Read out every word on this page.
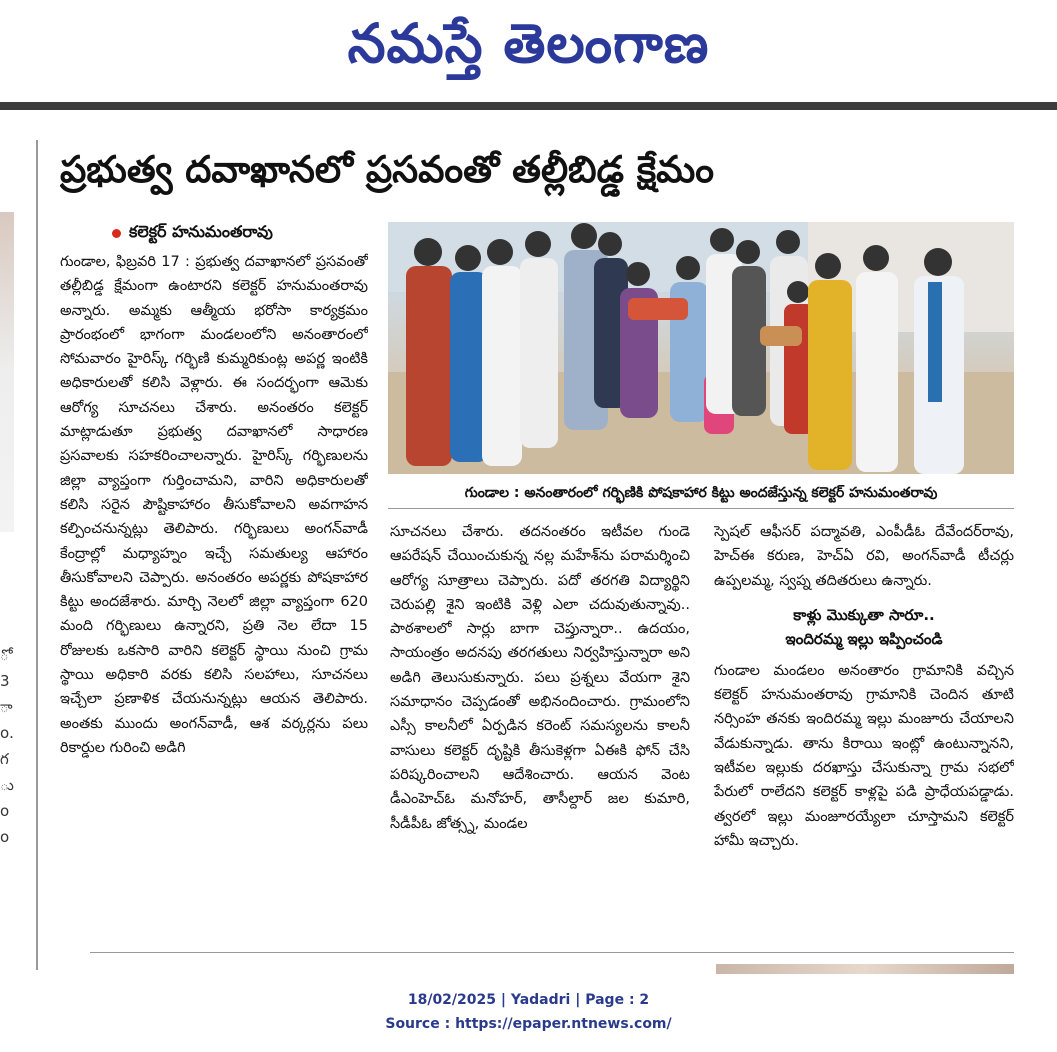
నమస్తే తెలంగాణ
ో
3
ా
о.
గ
ు
о
о
ప్రభుత్వ దవాఖానలో ప్రసవంతో తల్లీబిడ్డ క్షేమం
కలెక్టర్ హనుమంతరావు
గుండాల, ఫిబ్రవరి 17 : ప్రభుత్వ దవాఖానలో ప్రసవంతో తల్లీబిడ్డ క్షేమంగా ఉంటారని కలెక్టర్ హనుమంతరావు అన్నారు. అమ్మకు ఆత్మీయ భరోసా కార్యక్రమం ప్రారంభంలో భాగంగా మండలంలోని అనంతారంలో సోమవారం హైరిస్క్ గర్భిణి కుమ్మరికుంట్ల అపర్ణ ఇంటికి అధికారులతో కలిసి వెళ్లారు. ఈ సందర్భంగా ఆమెకు ఆరోగ్య సూచనలు చేశారు. అనంతరం కలెక్టర్ మాట్లాడుతూ ప్రభుత్వ దవాఖానలో సాధారణ ప్రసవాలకు సహకరించాలన్నారు. హైరిస్క్ గర్భిణులను జిల్లా వ్యాప్తంగా గుర్తించామని, వారిని అధికారులతో కలిసి సరైన పౌష్టికాహారం తీసుకోవాలని అవగాహన కల్పించనున్నట్లు తెలిపారు. గర్భిణులు అంగన్‌వాడీ కేంద్రాల్లో మధ్యాహ్నం ఇచ్చే సమతుల్య ఆహారం తీసుకోవాలని చెప్పారు. అనంతరం అపర్ణకు పోషకాహార కిట్టు అందజేశారు. మార్చి నెలలో జిల్లా వ్యాప్తంగా 620 మంది గర్భిణులు ఉన్నారని, ప్రతి నెల లేదా 15 రోజులకు ఒకసారి వారిని కలెక్టర్ స్థాయి నుంచి గ్రామ స్థాయి అధికారి వరకు కలిసి సలహాలు, సూచనలు ఇచ్చేలా ప్రణాళిక చేయనున్నట్లు ఆయన తెలిపారు. అంతకు ముందు అంగన్‌వాడీ, ఆశ వర్కర్లను పలు రికార్డుల గురించి అడిగి
గుండాల : అనంతారంలో గర్భిణికి పోషకాహార కిట్టు అందజేస్తున్న కలెక్టర్ హనుమంతరావు
సూచనలు చేశారు. తదనంతరం ఇటీవల గుండె ఆపరేషన్ చేయించుకున్న నల్ల మహేశ్‌ను పరామర్శించి ఆరోగ్య సూత్రాలు చెప్పారు. పదో తరగతి విద్యార్థిని చెరుపల్లి శైని ఇంటికి వెళ్లి ఎలా చదువుతున్నావు.. పాఠశాలలో సార్లు బాగా చెప్తున్నారా.. ఉదయం, సాయంత్రం అదనపు తరగతులు నిర్వహిస్తున్నారా అని అడిగి తెలుసుకున్నారు. పలు ప్రశ్నలు వేయగా శైని సమాధానం చెప్పడంతో అభినందించారు. గ్రామంలోని ఎస్సీ కాలనీలో ఏర్పడిన కరెంట్ సమస్యలను కాలనీ వాసులు కలెక్టర్ దృష్టికి తీసుకెళ్లగా ఏఈకి ఫోన్ చేసి పరిష్కరించాలని ఆదేశించారు. ఆయన వెంట డీఎంహెచ్‌ఓ మనోహర్, తాసీల్దార్ జల కుమారి, సీడీపీఓ జోత్స్న, మండల
స్పెషల్ ఆఫీసర్ పద్మావతి, ఎంపీడీఓ దేవేందర్‌రావు, హెచ్‌ఈ కరుణ, హెచ్‌ఏ రవి, అంగన్‌వాడీ టీచర్లు ఉప్పలమ్మ, స్వప్న తదితరులు ఉన్నారు.
కాళ్లు మొక్కుతా సారూ..
ఇందిరమ్మ ఇల్లు ఇప్పించండి
గుండాల మండలం అనంతారం గ్రామానికి వచ్చిన కలెక్టర్ హనుమంతరావు గ్రామానికి చెందిన తూటి నర్సింహ తనకు ఇందిరమ్మ ఇల్లు మంజూరు చేయాలని వేడుకున్నాడు. తాను కిరాయి ఇంట్లో ఉంటున్నానని, ఇటీవల ఇల్లుకు దరఖాస్తు చేసుకున్నా గ్రామ సభలో పేరులో రాలేదని కలెక్టర్ కాళ్లపై పడి ప్రాధేయపడ్డాడు. త్వరలో ఇల్లు మంజూరయ్యేలా చూస్తామని కలెక్టర్ హామీ ఇచ్చారు.
18/02/2025 | Yadadri | Page : 2
Source : https://epaper.ntnews.com/
